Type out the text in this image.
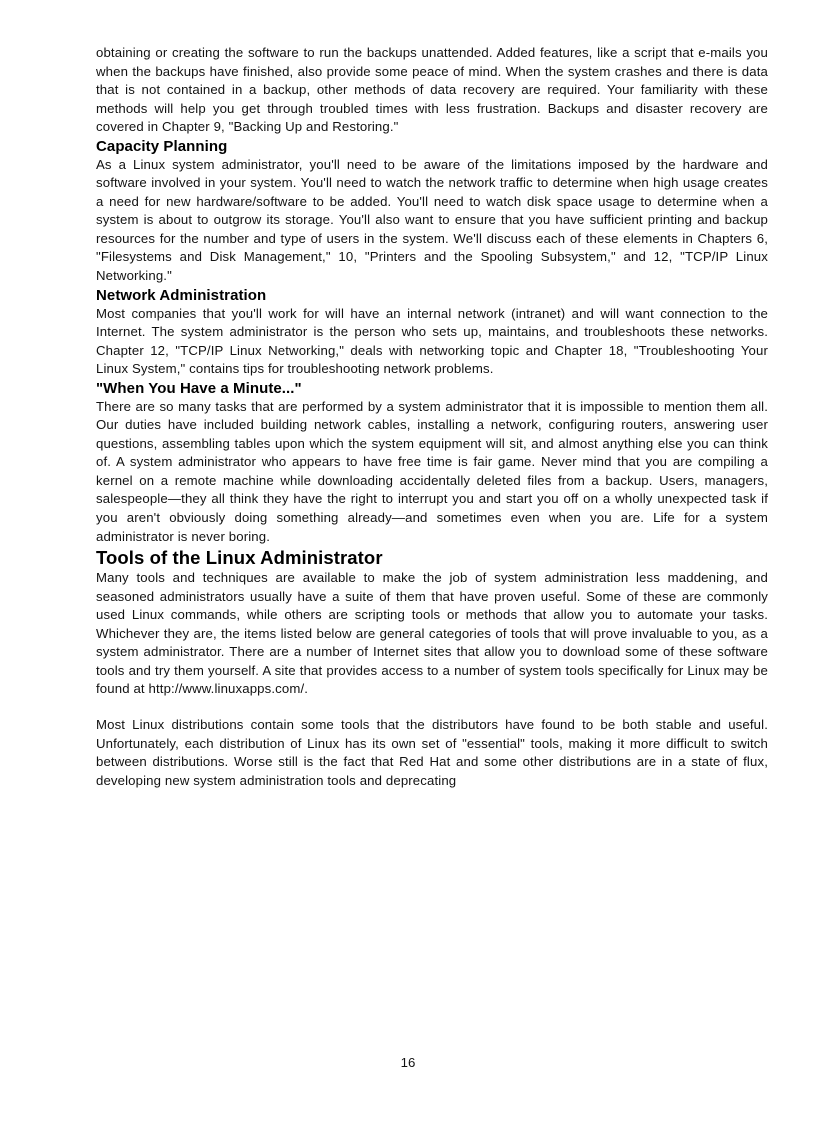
obtaining or creating the software to run the backups unattended. Added features, like a script that e-mails you when the backups have finished, also provide some peace of mind. When the system crashes and there is data that is not contained in a backup, other methods of data recovery are required. Your familiarity with these methods will help you get through troubled times with less frustration. Backups and disaster recovery are covered in Chapter 9, "Backing Up and Restoring."

Capacity Planning

As a Linux system administrator, you'll need to be aware of the limitations imposed by the hardware and software involved in your system. You'll need to watch the network traffic to determine when high usage creates a need for new hardware/software to be added. You'll need to watch disk space usage to determine when a system is about to outgrow its storage. You'll also want to ensure that you have sufficient printing and backup resources for the number and type of users in the system. We'll discuss each of these elements in Chapters 6, "Filesystems and Disk Management," 10, "Printers and the Spooling Subsystem," and 12, "TCP/IP Linux Networking."

Network Administration

Most companies that you'll work for will have an internal network (intranet) and will want connection to the Internet. The system administrator is the person who sets up, maintains, and troubleshoots these networks. Chapter 12, "TCP/IP Linux Networking," deals with networking topic and Chapter 18, "Troubleshooting Your Linux System," contains tips for troubleshooting network problems.

"When You Have a Minute..."

There are so many tasks that are performed by a system administrator that it is impossible to mention them all. Our duties have included building network cables, installing a network, configuring routers, answering user questions, assembling tables upon which the system equipment will sit, and almost anything else you can think of. A system administrator who appears to have free time is fair game. Never mind that you are compiling a kernel on a remote machine while downloading accidentally deleted files from a backup. Users, managers, salespeople—they all think they have the right to interrupt you and start you off on a wholly unexpected task if you aren't obviously doing something already—and sometimes even when you are. Life for a system administrator is never boring.

Tools of the Linux Administrator

Many tools and techniques are available to make the job of system administration less maddening, and seasoned administrators usually have a suite of them that have proven useful. Some of these are commonly used Linux commands, while others are scripting tools or methods that allow you to automate your tasks. Whichever they are, the items listed below are general categories of tools that will prove invaluable to you, as a system administrator. There are a number of Internet sites that allow you to download some of these software tools and try them yourself. A site that provides access to a number of system tools specifically for Linux may be found at http://www.linuxapps.com/.

Most Linux distributions contain some tools that the distributors have found to be both stable and useful. Unfortunately, each distribution of Linux has its own set of "essential" tools, making it more difficult to switch between distributions. Worse still is the fact that Red Hat and some other distributions are in a state of flux, developing new system administration tools and deprecating

16
